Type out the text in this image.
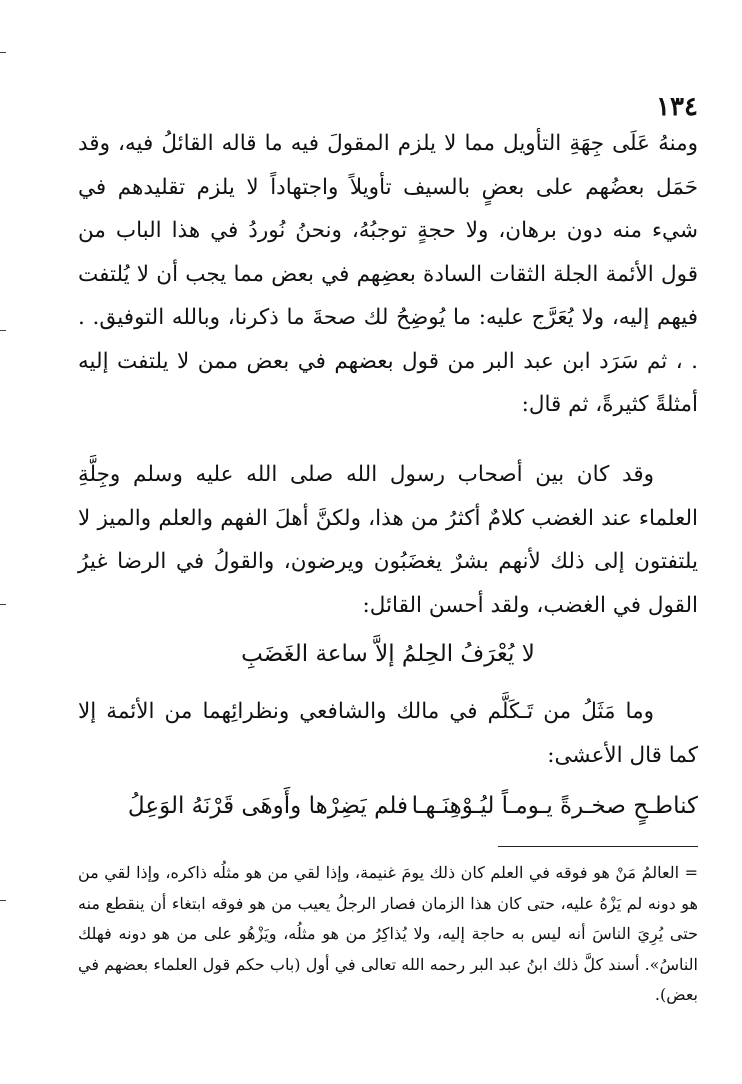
١٣٤

ومنهُ عَلَى جِهَةِ التأويل مما لا يلزم المقولَ فيه ما قاله القائلُ فيه، وقد حَمَل بعضُهم على بعضٍ بالسيف تأويلاً واجتهاداً لا يلزم تقليدهم في شيء منه دون برهان، ولا حجةٍ توجبُهُ، ونحنُ نُوردُ في هذا الباب من قول الأئمة الجلة الثقات السادة بعضِهم في بعض مما يجب أن لا يُلتفت فيهم إليه، ولا يُعَرَّج عليه: ما يُوضِحُ لك صحةَ ما ذكرنا، وبالله التوفيق. . . ، ثم سَرَد ابن عبد البر من قول بعضهم في بعض ممن لا يلتفت إليه أمثلةً كثيرةً، ثم قال:

وقد كان بين أصحاب رسول الله صلى الله عليه وسلم وجِلَّةِ العلماء عند الغضب كلامٌ أكثرُ من هذا، ولكنَّ أهلَ الفهم والعلم والميز لا يلتفتون إلى ذلك لأنهم بشرٌ يغضَبُون ويرضون، والقولُ في الرضا غيرُ القول في الغضب، ولقد أحسن القائل:

لا يُعْرَفُ الحِلمُ إلاَّ ساعة الغَضَبِ

وما مَثَلُ من تَـكَلَّم في مالك والشافعي ونظرائِهما من الأئمة إلا كما قال الأعشى:

كناطـحٍ صخـرةً يـومـاً ليُـوْهِنَـهـا
فلم يَضِرْها وأَوهَى قَرْنَهُ الوَعِلُ

= العالمُ مَنْ هو فوقه في العلم كان ذلك يومَ غنيمة، وإذا لقي من هو مثلُه ذاكره، وإذا لقي من هو دونه لم يَزْهُ عليه، حتى كان هذا الزمان فصار الرجلُ يعيب من هو فوقه ابتغاء أن ينقطع منه حتى يُرِيَ الناسَ أنه ليس به حاجة إليه، ولا يُذاكِرُ من هو مثلُه، ويَزْهُو على من هو دونه فهلك الناسُ». أسند كلَّ ذلك ابنُ عبد البر رحمه الله تعالى في أول (باب حكم قول العلماء بعضهم في بعض).
